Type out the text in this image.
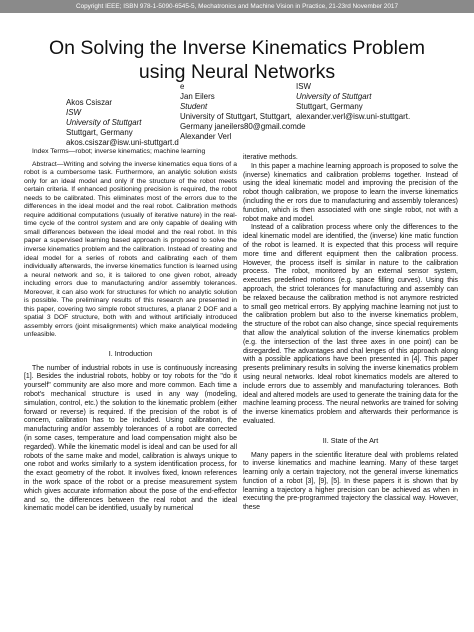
Copyright IEEE; ISBN 978-1-5090-6545-5, Mechatronics and Machine Vision in Practice, 21-23rd November 2017
On Solving the Inverse Kinematics Problem
using Neural Networks
Akos Csiszar
ISW
University of Stuttgart
Stuttgart, Germany
akos.csiszar@isw.uni-stuttgart.d
e
Jan Eilers
Student
University of Stuttgart, Stuttgart,
Germany janeilers80@gmail.comde
Alexander Verl
ISW
University of Stuttgart
Stuttgart, Germany
alexander.verl@isw.uni-stuttgart.

Index Terms—robot; inverse kinematics; machine learning

Abstract—Writing and solving the inverse kinematics equa tions of a robot is a cumbersome task. Furthermore, an analytic solution exists only for an ideal model and only if the structure of the robot meets certain criteria. If enhanced positioning precision is required, the robot needs to be calibrated. This eliminates most of the errors due to the differences in the ideal model and the real robot. Calibration methods require additional computations (usually of iterative nature) in the real-time cycle of the control system and are only capable of dealing with small differences between the ideal model and the real robot. In this paper a supervised learning based approach is proposed to solve the inverse kinematics problem and the calibration. Instead of creating and ideal model for a series of robots and calibrating each of them individually afterwards, the inverse kinematics function is learned using a neural network and so, it is tailored to one given robot, already including errors due to manufacturing and/or assembly tolerances. Moreover, it can also work for structures for which no analytic solution is possible. The preliminary results of this research are presented in this paper, covering two simple robot structures, a planar 2 DOF and a spatial 3 DOF structure, both with and without artificially introduced assembly errors (joint misalignments) which make analytical modeling unfeasible.

I. Introduction

The number of industrial robots in use is continuously increasing [1]. Besides the industrial robots, hobby or toy robots for the "do it yourself" community are also more and more common. Each time a robot's mechanical structure is used in any way (modeling, simulation, control, etc.) the solution to the kinematic problem (either forward or reverse) is required. If the precision of the robot is of concern, calibration has to be included. Using calibration, the manufacturing and/or assembly tolerances of a robot are corrected (in some cases, temperature and load compensation might also be regarded). While the kinematic model is ideal and can be used for all robots of the same make and model, calibration is always unique to one robot and works similarly to a system identification process, for the exact geometry of the robot. It involves fixed, known references in the work space of the robot or a precise measurement system which gives accurate information about the pose of the end-effector and so, the differences between the real robot and the ideal kinematic model can be identified, usually by numerical

iterative methods.

In this paper a machine learning approach is proposed to solve the (inverse) kinematics and calibration problems together. Instead of using the ideal kinematic model and improving the precision of the robot though calibration, we propose to learn the inverse kinematics (including the er rors due to manufacturing and assembly tolerances) function, which is then associated with one single robot, not with a robot make and model.

Instead of a calibration process where only the differences to the ideal kinematic model are identified, the (inverse) kine matic function of the robot is learned. It is expected that this process will require more time and different equipment then the calibration process. However, the process itself is similar in nature to the calibration process. The robot, monitored by an external sensor system, executes predefined motions (e.g. space filling curves). Using this approach, the strict tolerances for manufacturing and assembly can be relaxed because the calibration method is not anymore restricted to small geo metrical errors. By applying machine learning not just to the calibration problem but also to the inverse kinematics problem, the structure of the robot can also change, since special requirements that allow the analytical solution of the inverse kinematics problem (e.g. the intersection of the last three axes in one point) can be disregarded. The advantages and chal lenges of this approach along with a possible applications have been presented in [4]. This paper presents preliminary results in solving the inverse kinematics problem using neural networks. Ideal robot kinematics models are altered to include errors due to assembly and manufacturing tolerances. Both ideal and altered models are used to generate the training data for the machine learning process. The neural networks are trained for solving the inverse kinematics problem and afterwards their performance is evaluated.

II. State of the Art

Many papers in the scientific literature deal with problems related to inverse kinematics and machine learning. Many of these target learning only a certain trajectory, not the general inverse kinematics function of a robot [3], [9], [5]. In these papers it is shown that by learning a trajectory a higher precision can be achieved as when in executing the pre-programmed trajectory the classical way. However, these
